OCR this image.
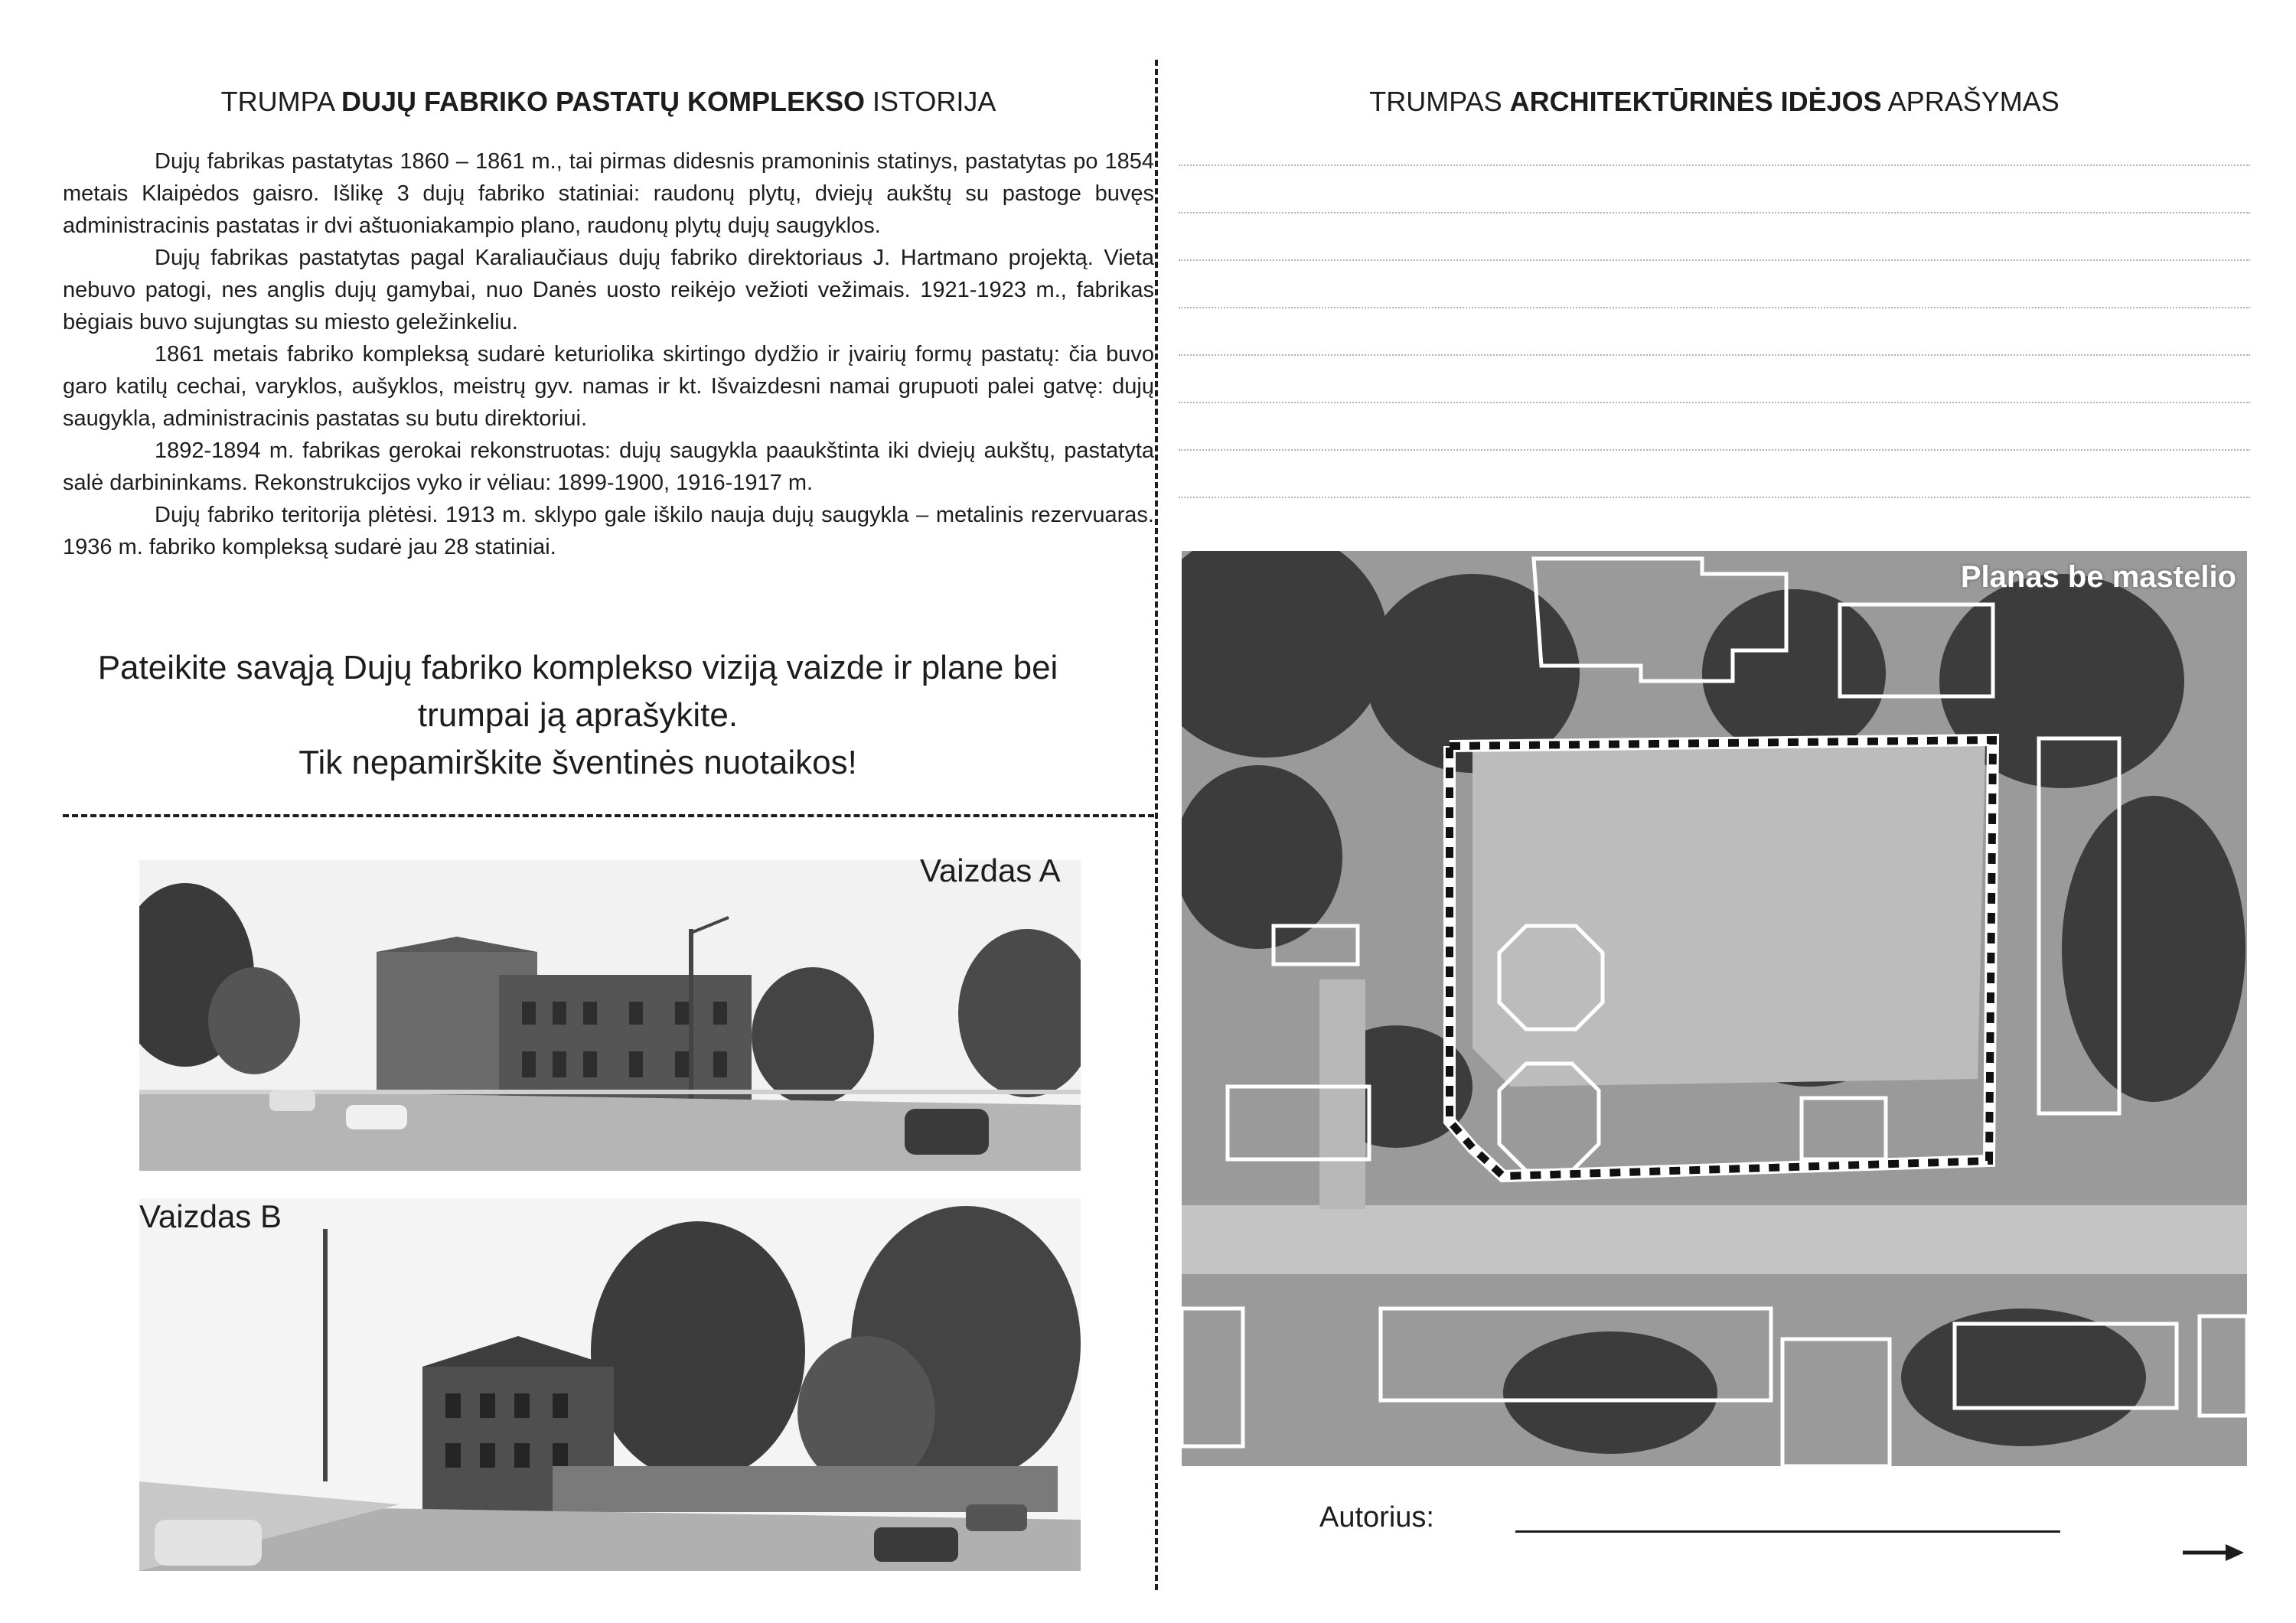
TRUMPA DUJŲ FABRIKO PASTATŲ KOMPLEKSO ISTORIJA

Dujų fabrikas pastatytas 1860 – 1861 m., tai pirmas didesnis pramoninis statinys, pastatytas po 1854 metais Klaipėdos gaisro. Išlikę 3 dujų fabriko statiniai: raudonų plytų, dviejų aukštų su pastoge buvęs administracinis pastatas ir dvi aštuoniakampio plano, raudonų plytų dujų saugyklos.

Dujų fabrikas pastatytas pagal Karaliaučiaus dujų fabriko direktoriaus J. Hartmano projektą. Vieta nebuvo patogi, nes anglis dujų gamybai, nuo Danės uosto reikėjo vežioti vežimais. 1921-1923 m., fabrikas bėgiais buvo sujungtas su miesto geležinkeliu.

1861 metais fabriko kompleksą sudarė keturiolika skirtingo dydžio ir įvairių formų pastatų: čia buvo garo katilų cechai, varyklos, aušyklos, meistrų gyv. namas ir kt. Išvaizdesni namai grupuoti palei gatvę: dujų saugykla, administracinis pastatas su butu direktoriui.

1892-1894 m. fabrikas gerokai rekonstruotas: dujų saugykla paaukštinta iki dviejų aukštų, pastatyta salė darbininkams. Rekonstrukcijos vyko ir vėliau: 1899-1900, 1916-1917 m.

Dujų fabriko teritorija plėtėsi. 1913 m. sklypo gale iškilo nauja dujų saugykla – metalinis rezervuaras. 1936 m. fabriko kompleksą sudarė jau 28 statiniai.

Pateikite savąją Dujų fabriko komplekso viziją vaizde ir plane bei
trumpai ją aprašykite.
Tik nepamirškite šventinės nuotaikos!
Vaizdas A
Vaizdas B
TRUMPAS ARCHITEKTŪRINĖS IDĖJOS APRAŠYMAS
Planas be mastelio
Autorius:
